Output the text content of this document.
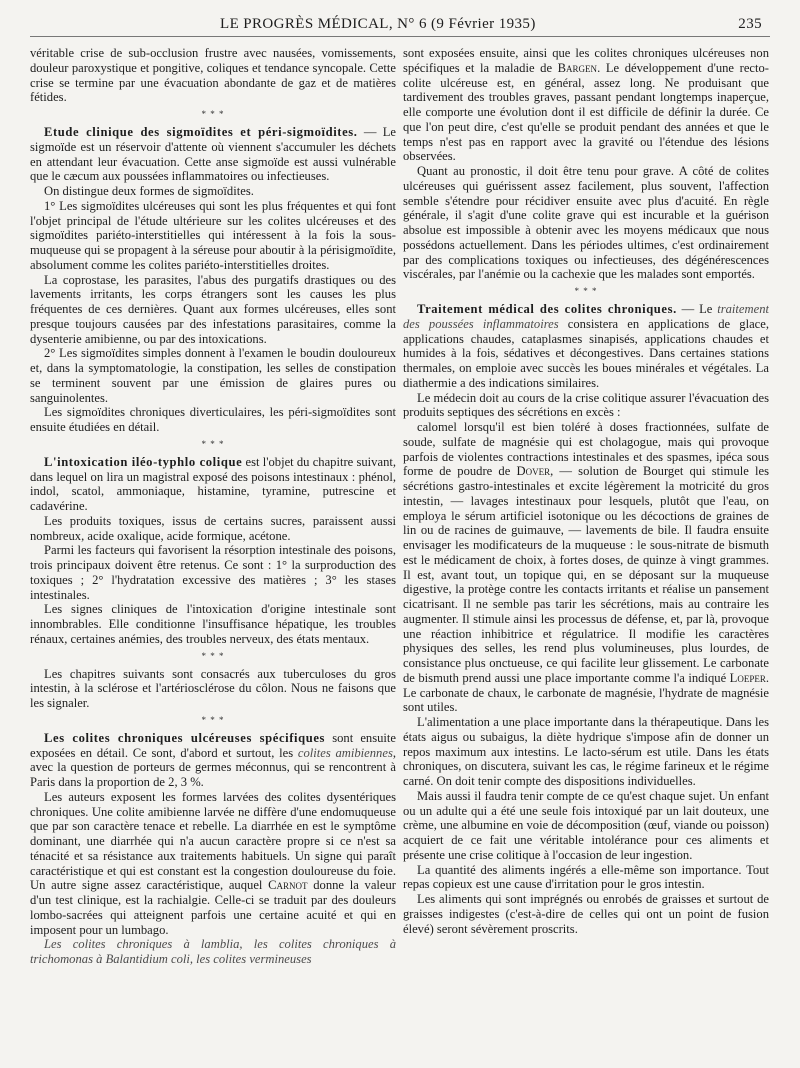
LE PROGRÈS MÉDICAL, N° 6 (9 Février 1935)	235

véritable crise de sub-occlusion frustre avec nausées, vomissements, douleur paroxystique et pongitive, coliques et tendance syncopale. Cette crise se termine par une évacuation abondante de gaz et de matières fétides.

* * *

Etude clinique des sigmoïdites et péri-sigmoïdites. — Le sigmoïde est un réservoir d'attente où viennent s'accumuler les déchets en attendant leur évacuation. Cette anse sigmoïde est aussi vulnérable que le cæcum aux poussées inflammatoires ou infectieuses.

On distingue deux formes de sigmoïdites.

1° Les sigmoïdites ulcéreuses qui sont les plus fréquentes et qui font l'objet principal de l'étude ultérieure sur les colites ulcéreuses et des sigmoïdites pariéto-interstitielles qui intéressent à la fois la sous-muqueuse qui se propagent à la séreuse pour aboutir à la périsigmoïdite, absolument comme les colites pariéto-interstitielles droites.

La coprostase, les parasites, l'abus des purgatifs drastiques ou des lavements irritants, les corps étrangers sont les causes les plus fréquentes de ces dernières. Quant aux formes ulcéreuses, elles sont presque toujours causées par des infestations parasitaires, comme la dysenterie amibienne, ou par des intoxications.

2° Les sigmoïdites simples donnent à l'examen le boudin douloureux et, dans la symptomatologie, la constipation, les selles de constipation se terminent souvent par une émission de glaires pures ou sanguinolentes.

Les sigmoïdites chroniques diverticulaires, les péri-sigmoïdites sont ensuite étudiées en détail.

* * *

L'intoxication iléo-typhlo colique est l'objet du chapitre suivant, dans lequel on lira un magistral exposé des poisons intestinaux : phénol, indol, scatol, ammoniaque, histamine, tyramine, putrescine et cadavérine.

Les produits toxiques, issus de certains sucres, paraissent aussi nombreux, acide oxalique, acide formique, acétone.

Parmi les facteurs qui favorisent la résorption intestinale des poisons, trois principaux doivent être retenus. Ce sont : 1° la surproduction des toxiques ; 2° l'hydratation excessive des matières ; 3° les stases intestinales.

Les signes cliniques de l'intoxication d'origine intestinale sont innombrables. Elle conditionne l'insuffisance hépatique, les troubles rénaux, certaines anémies, des troubles nerveux, des états mentaux.

* * *

Les chapitres suivants sont consacrés aux tuberculoses du gros intestin, à la sclérose et l'artériosclérose du côlon. Nous ne faisons que les signaler.

* * *

Les colites chroniques ulcéreuses spécifiques sont ensuite exposées en détail. Ce sont, d'abord et surtout, les colites amibiennes, avec la question de porteurs de germes méconnus, qui se rencontrent à Paris dans la proportion de 2, 3 %.

Les auteurs exposent les formes larvées des colites dysentériques chroniques. Une colite amibienne larvée ne diffère d'une endomuqueuse que par son caractère tenace et rebelle. La diarrhée en est le symptôme dominant, une diarrhée qui n'a aucun caractère propre si ce n'est sa ténacité et sa résistance aux traitements habituels. Un signe qui paraît caractéristique et qui est constant est la congestion douloureuse du foie. Un autre signe assez caractéristique, auquel Carnot donne la valeur d'un test clinique, est la rachialgie. Celle-ci se traduit par des douleurs lombo-sacrées qui atteignent parfois une certaine acuité et qui en imposent pour un lumbago.

Les colites chroniques à lamblia, les colites chroniques à trichomonas à Balantidium coli, les colites vermineuses

sont exposées ensuite, ainsi que les colites chroniques ulcéreuses non spécifiques et la maladie de Bargen. Le développement d'une recto-colite ulcéreuse est, en général, assez long. Ne produisant que tardivement des troubles graves, passant pendant longtemps inaperçue, elle comporte une évolution dont il est difficile de définir la durée. Ce que l'on peut dire, c'est qu'elle se produit pendant des années et que le temps n'est pas en rapport avec la gravité ou l'étendue des lésions observées.

Quant au pronostic, il doit être tenu pour grave. A côté de colites ulcéreuses qui guérissent assez facilement, plus souvent, l'affection semble s'étendre pour récidiver ensuite avec plus d'acuité. En règle générale, il s'agit d'une colite grave qui est incurable et la guérison absolue est impossible à obtenir avec les moyens médicaux que nous possédons actuellement. Dans les périodes ultimes, c'est ordinairement par des complications toxiques ou infectieuses, des dégénérescences viscérales, par l'anémie ou la cachexie que les malades sont emportés.

* * *

Traitement médical des colites chroniques. — Le traitement des poussées inflammatoires consistera en applications de glace, applications chaudes, cataplasmes sinapisés, applications chaudes et humides à la fois, sédatives et décongestives. Dans certaines stations thermales, on emploie avec succès les boues minérales et végétales. La diathermie a des indications similaires.

Le médecin doit au cours de la crise colitique assurer l'évacuation des produits septiques des sécrétions en excès :

calomel lorsqu'il est bien toléré à doses fractionnées, sulfate de soude, sulfate de magnésie qui est cholagogue, mais qui provoque parfois de violentes contractions intestinales et des spasmes, ipéca sous forme de poudre de Dover, — solution de Bourget qui stimule les sécrétions gastro-intestinales et excite légèrement la motricité du gros intestin, — lavages intestinaux pour lesquels, plutôt que l'eau, on employa le sérum artificiel isotonique ou les décoctions de graines de lin ou de racines de guimauve, — lavements de bile. Il faudra ensuite envisager les modificateurs de la muqueuse : le sous-nitrate de bismuth est le médicament de choix, à fortes doses, de quinze à vingt grammes. Il est, avant tout, un topique qui, en se déposant sur la muqueuse digestive, la protège contre les contacts irritants et réalise un pansement cicatrisant. Il ne semble pas tarir les sécrétions, mais au contraire les augmenter. Il stimule ainsi les processus de défense, et, par là, provoque une réaction inhibitrice et régulatrice. Il modifie les caractères physiques des selles, les rend plus volumineuses, plus lourdes, de consistance plus onctueuse, ce qui facilite leur glissement. Le carbonate de bismuth prend aussi une place importante comme l'a indiqué Loeper. Le carbonate de chaux, le carbonate de magnésie, l'hydrate de magnésie sont utiles.

L'alimentation a une place importante dans la thérapeutique. Dans les états aigus ou subaigus, la diète hydrique s'impose afin de donner un repos maximum aux intestins. Le lacto-sérum est utile. Dans les états chroniques, on discutera, suivant les cas, le régime farineux et le régime carné. On doit tenir compte des dispositions individuelles.

Mais aussi il faudra tenir compte de ce qu'est chaque sujet. Un enfant ou un adulte qui a été une seule fois intoxiqué par un lait douteux, une crème, une albumine en voie de décomposition (œuf, viande ou poisson) acquiert de ce fait une véritable intolérance pour ces aliments et présente une crise colitique à l'occasion de leur ingestion.

La quantité des aliments ingérés a elle-même son importance. Tout repas copieux est une cause d'irritation pour le gros intestin.

Les aliments qui sont imprégnés ou enrobés de graisses et surtout de graisses indigestes (c'est-à-dire de celles qui ont un point de fusion élevé) seront sévèrement proscrits.
